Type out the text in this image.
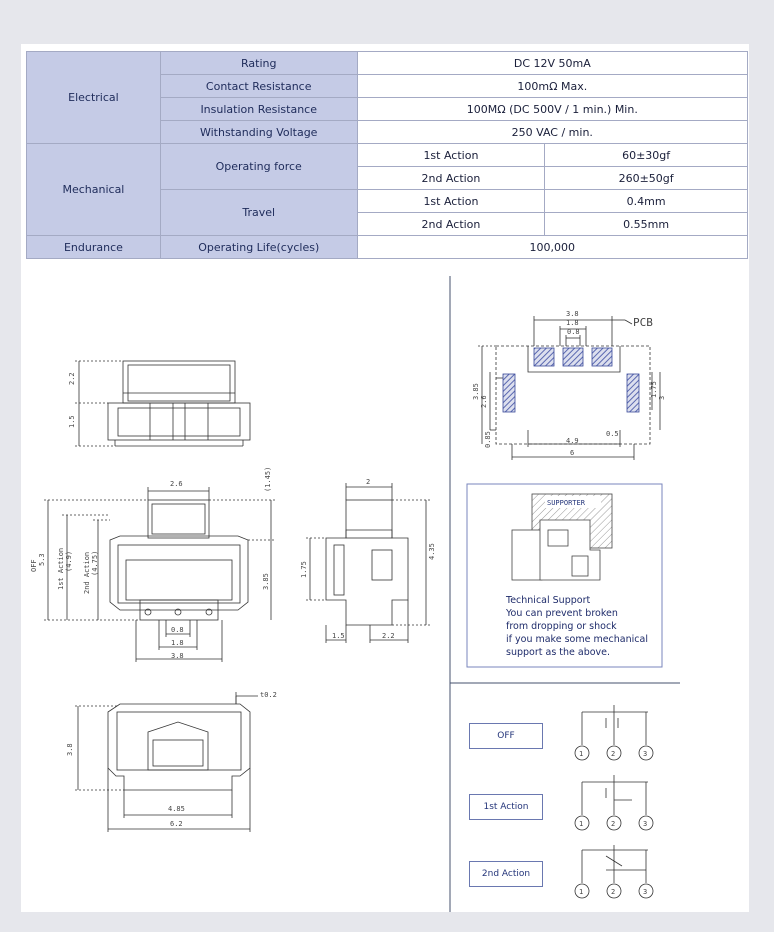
Electrical	Rating	DC 12V 50mA	
	Contact Resistance	100mΩ Max.	
	Insulation Resistance	100MΩ (DC 500V / 1 min.) Min.	
	Withstanding Voltage	250 VAC / min.	
Mechanical	Operating force	1st Action	60±30gf
		2nd Action	260±50gf
	Travel	1st Action	0.4mm
		2nd Action	0.55mm
Endurance	Operating Life(cycles)	100,000	
2.2
1.5
2.6	(1.45)
OFF 5.3 1st Action (4.9) 2nd Action (4.75)
3.85
0.8
1.8
3.8
2
1.75
4.35
1.5	2.2
t0.2
3.8
4.85
6.2
3.8
1.8
0.8
PCB
3.85
2.6
0.85	4.9
6
0.5
1.75 3
SUPPORTER
1	2	3
1	2	3
1	2	3
Technical Support
You can prevent broken
from dropping or shock
if you make some mechanical
support as the above.
OFF
1st Action
2nd Action
